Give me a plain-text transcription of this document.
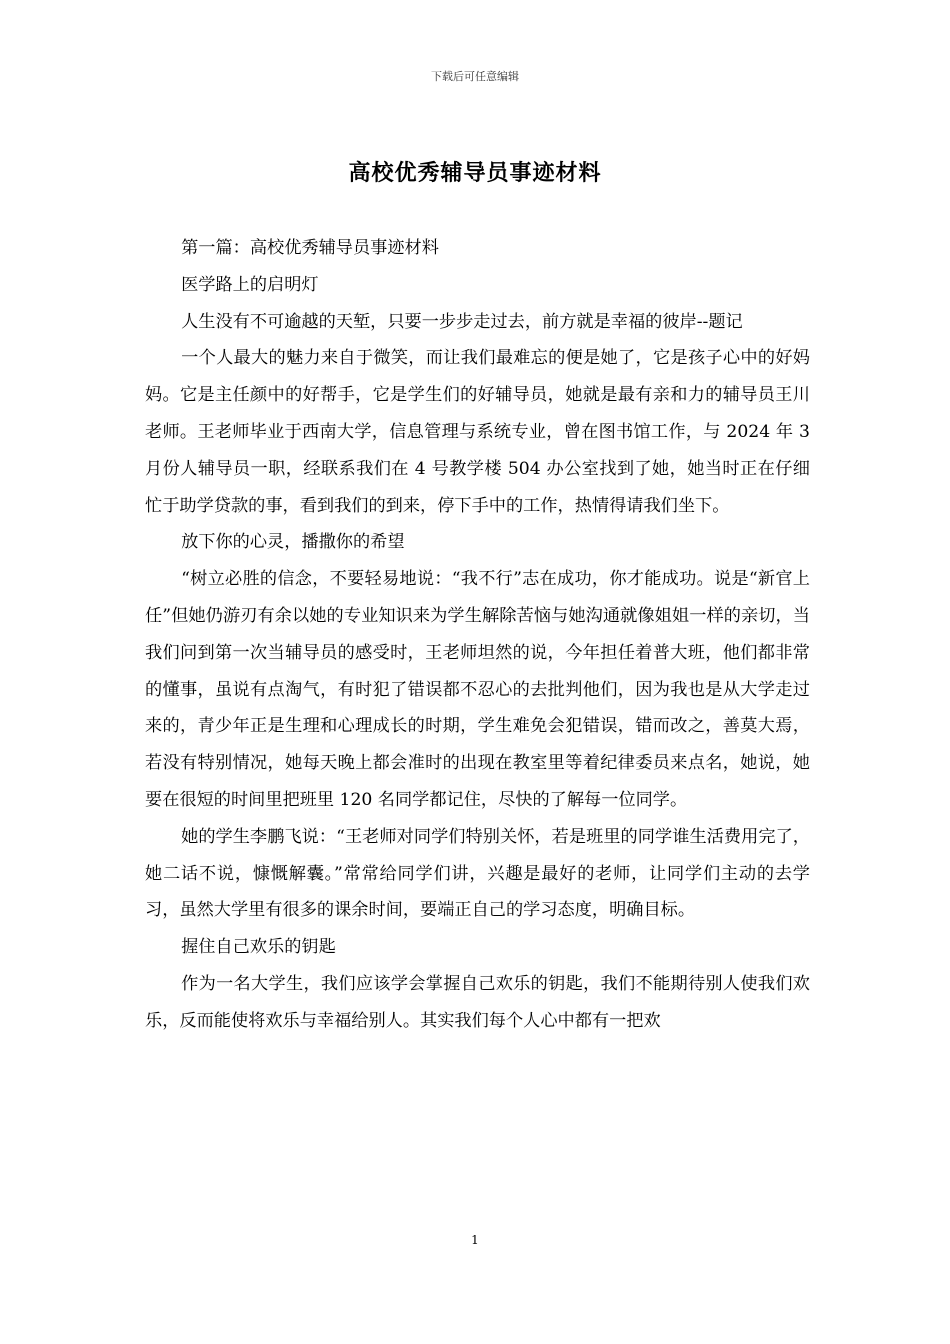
下载后可任意编辑
高校优秀辅导员事迹材料

第一篇：高校优秀辅导员事迹材料

医学路上的启明灯

人生没有不可逾越的天堑，只要一步步走过去，前方就是幸福的彼岸--题记

一个人最大的魅力来自于微笑，而让我们最难忘的便是她了，它是孩子心中的好妈妈。它是主任颜中的好帮手，它是学生们的好辅导员，她就是最有亲和力的辅导员王川老师。王老师毕业于西南大学，信息管理与系统专业，曾在图书馆工作，与 2024 年 3 月份人辅导员一职，经联系我们在 4 号教学楼 504 办公室找到了她，她当时正在仔细忙于助学贷款的事，看到我们的到来，停下手中的工作，热情得请我们坐下。

放下你的心灵，播撒你的希望

“树立必胜的信念，不要轻易地说：“我不行”志在成功，你才能成功。说是“新官上任”但她仍游刃有余以她的专业知识来为学生解除苦恼与她沟通就像姐姐一样的亲切，当我们问到第一次当辅导员的感受时，王老师坦然的说，今年担任着普大班，他们都非常的懂事，虽说有点淘气，有时犯了错误都不忍心的去批判他们，因为我也是从大学走过来的，青少年正是生理和心理成长的时期，学生难免会犯错误，错而改之，善莫大焉，若没有特别情况，她每天晚上都会准时的出现在教室里等着纪律委员来点名，她说，她要在很短的时间里把班里 120 名同学都记住，尽快的了解每一位同学。

她的学生李鹏飞说：“王老师对同学们特别关怀，若是班里的同学谁生活费用完了，她二话不说，慷慨解囊。”常常给同学们讲，兴趣是最好的老师，让同学们主动的去学习，虽然大学里有很多的课余时间，要端正自己的学习态度，明确目标。

握住自己欢乐的钥匙

作为一名大学生，我们应该学会掌握自己欢乐的钥匙，我们不能期待别人使我们欢乐，反而能使将欢乐与幸福给别人。其实我们每个人心中都有一把欢

1
